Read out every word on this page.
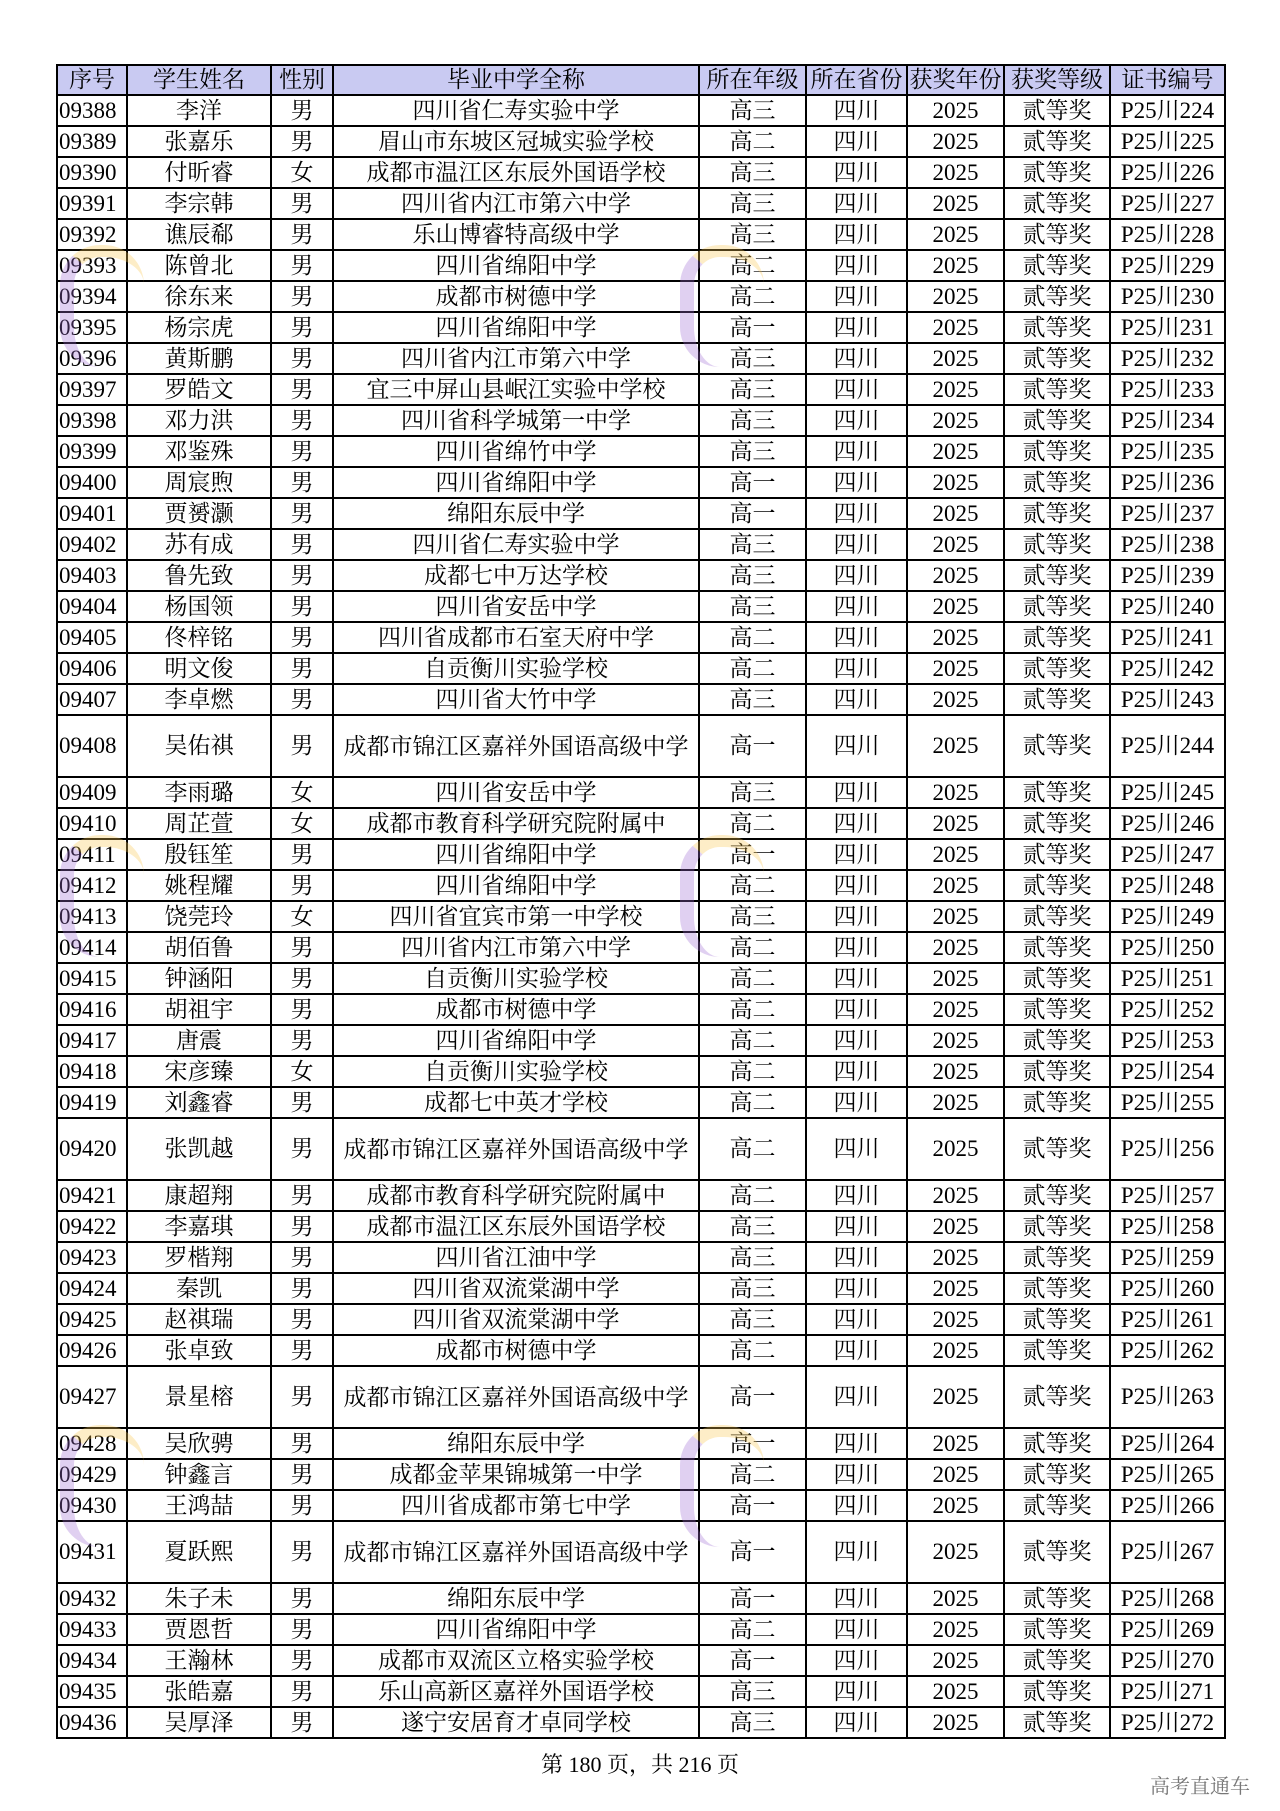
序号	学生姓名	性别	毕业中学全称	所在年级	所在省份	获奖年份	获奖等级	证书编号
09388	李洋	男	四川省仁寿实验中学	高三	四川	2025	贰等奖	P25川224
09389	张嘉乐	男	眉山市东坡区冠城实验学校	高二	四川	2025	贰等奖	P25川225
09390	付昕睿	女	成都市温江区东辰外国语学校	高三	四川	2025	贰等奖	P25川226
09391	李宗韩	男	四川省内江市第六中学	高三	四川	2025	贰等奖	P25川227
09392	谯辰郗	男	乐山博睿特高级中学	高三	四川	2025	贰等奖	P25川228
09393	陈曾北	男	四川省绵阳中学	高二	四川	2025	贰等奖	P25川229
09394	徐东来	男	成都市树德中学	高二	四川	2025	贰等奖	P25川230
09395	杨宗虎	男	四川省绵阳中学	高一	四川	2025	贰等奖	P25川231
09396	黄斯鹏	男	四川省内江市第六中学	高三	四川	2025	贰等奖	P25川232
09397	罗皓文	男	宜三中屏山县岷江实验中学校	高三	四川	2025	贰等奖	P25川233
09398	邓力洪	男	四川省科学城第一中学	高三	四川	2025	贰等奖	P25川234
09399	邓鉴殊	男	四川省绵竹中学	高三	四川	2025	贰等奖	P25川235
09400	周宸煦	男	四川省绵阳中学	高一	四川	2025	贰等奖	P25川236
09401	贾赟灏	男	绵阳东辰中学	高一	四川	2025	贰等奖	P25川237
09402	苏有成	男	四川省仁寿实验中学	高三	四川	2025	贰等奖	P25川238
09403	鲁先致	男	成都七中万达学校	高三	四川	2025	贰等奖	P25川239
09404	杨国领	男	四川省安岳中学	高三	四川	2025	贰等奖	P25川240
09405	佟梓铭	男	四川省成都市石室天府中学	高二	四川	2025	贰等奖	P25川241
09406	明文俊	男	自贡衡川实验学校	高二	四川	2025	贰等奖	P25川242
09407	李卓燃	男	四川省大竹中学	高三	四川	2025	贰等奖	P25川243
09408	吴佑祺	男	成都市锦江区嘉祥外国语高级中学	高一	四川	2025	贰等奖	P25川244
09409	李雨璐	女	四川省安岳中学	高三	四川	2025	贰等奖	P25川245
09410	周芷萱	女	成都市教育科学研究院附属中	高二	四川	2025	贰等奖	P25川246
09411	殷钰笙	男	四川省绵阳中学	高一	四川	2025	贰等奖	P25川247
09412	姚程耀	男	四川省绵阳中学	高二	四川	2025	贰等奖	P25川248
09413	饶莞玲	女	四川省宜宾市第一中学校	高三	四川	2025	贰等奖	P25川249
09414	胡佰鲁	男	四川省内江市第六中学	高二	四川	2025	贰等奖	P25川250
09415	钟涵阳	男	自贡衡川实验学校	高二	四川	2025	贰等奖	P25川251
09416	胡祖宇	男	成都市树德中学	高二	四川	2025	贰等奖	P25川252
09417	唐震	男	四川省绵阳中学	高二	四川	2025	贰等奖	P25川253
09418	宋彦臻	女	自贡衡川实验学校	高二	四川	2025	贰等奖	P25川254
09419	刘鑫睿	男	成都七中英才学校	高二	四川	2025	贰等奖	P25川255
09420	张凯越	男	成都市锦江区嘉祥外国语高级中学	高二	四川	2025	贰等奖	P25川256
09421	康超翔	男	成都市教育科学研究院附属中	高二	四川	2025	贰等奖	P25川257
09422	李嘉琪	男	成都市温江区东辰外国语学校	高三	四川	2025	贰等奖	P25川258
09423	罗楷翔	男	四川省江油中学	高三	四川	2025	贰等奖	P25川259
09424	秦凯	男	四川省双流棠湖中学	高三	四川	2025	贰等奖	P25川260
09425	赵祺瑞	男	四川省双流棠湖中学	高三	四川	2025	贰等奖	P25川261
09426	张卓致	男	成都市树德中学	高二	四川	2025	贰等奖	P25川262
09427	景星榕	男	成都市锦江区嘉祥外国语高级中学	高一	四川	2025	贰等奖	P25川263
09428	吴欣骋	男	绵阳东辰中学	高一	四川	2025	贰等奖	P25川264
09429	钟鑫言	男	成都金苹果锦城第一中学	高二	四川	2025	贰等奖	P25川265
09430	王鸿喆	男	四川省成都市第七中学	高一	四川	2025	贰等奖	P25川266
09431	夏跃熙	男	成都市锦江区嘉祥外国语高级中学	高一	四川	2025	贰等奖	P25川267
09432	朱子未	男	绵阳东辰中学	高一	四川	2025	贰等奖	P25川268
09433	贾恩哲	男	四川省绵阳中学	高二	四川	2025	贰等奖	P25川269
09434	王瀚林	男	成都市双流区立格实验学校	高一	四川	2025	贰等奖	P25川270
09435	张皓嘉	男	乐山高新区嘉祥外国语学校	高三	四川	2025	贰等奖	P25川271
09436	吴厚泽	男	遂宁安居育才卓同学校	高三	四川	2025	贰等奖	P25川272
第 180 页，共 216 页
高考直通车
